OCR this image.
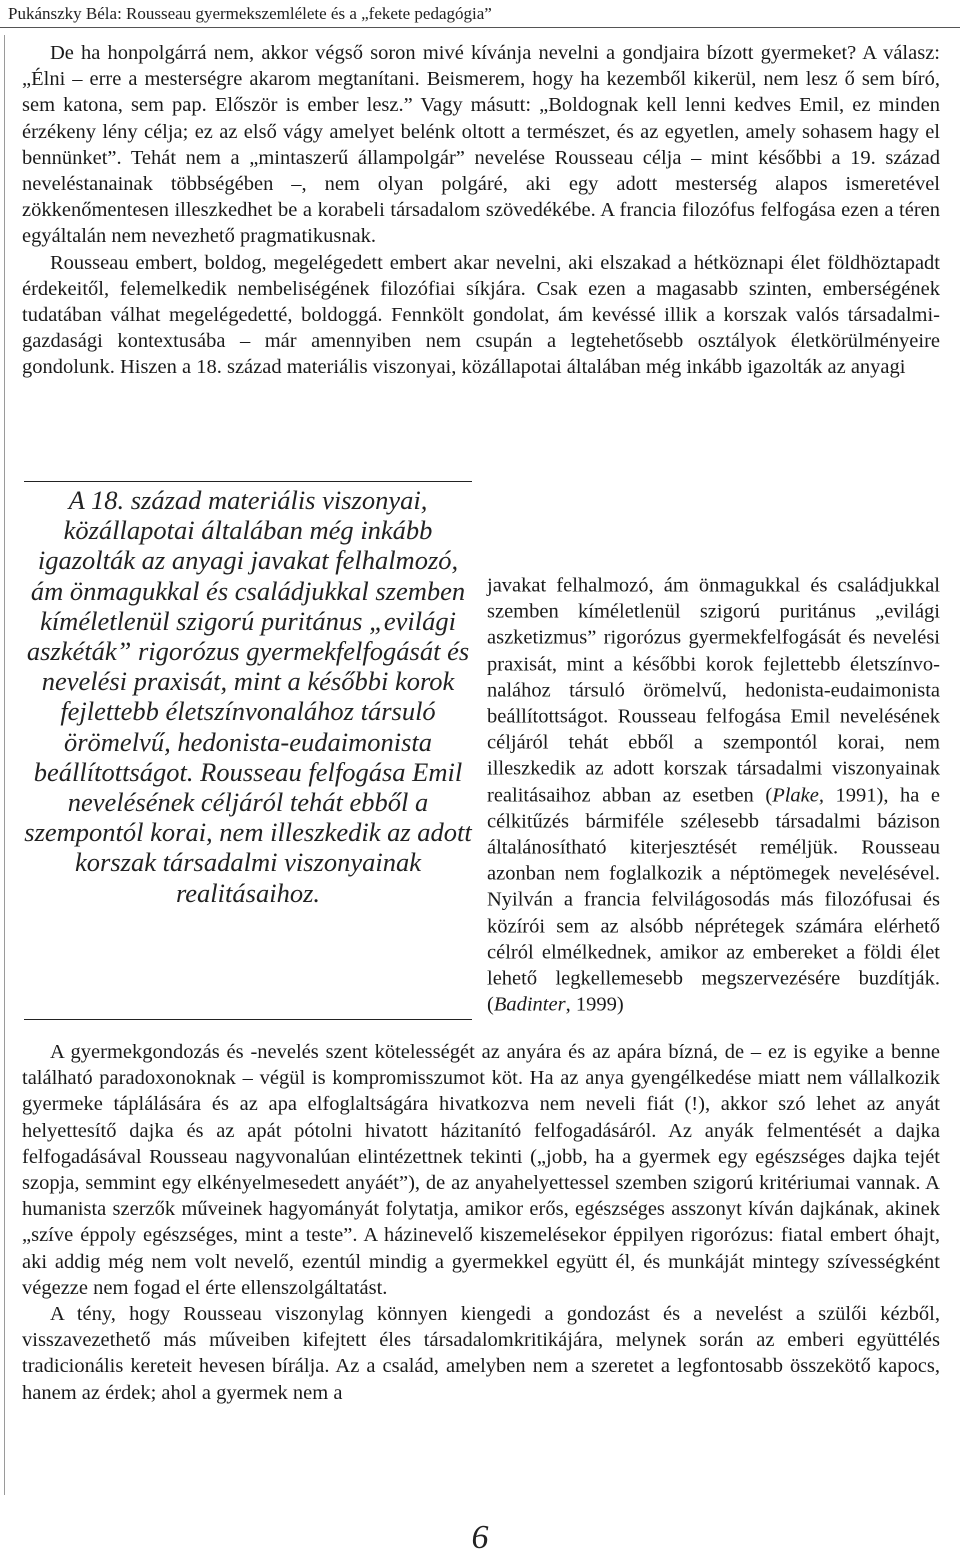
Pukánszky Béla: Rousseau gyermekszemlélete és a „fekete pedagógia”

De ha honpolgárrá nem, akkor végső soron mivé kívánja nevelni a gondjaira bízott gyermeket? A válasz: „Élni – erre a mesterségre akarom megtanítani. Beismerem, hogy ha kezemből kikerül, nem lesz ő sem bíró, sem katona, sem pap. Először is ember lesz.” Vagy másutt: „Boldognak kell lenni kedves Emil, ez minden érzékeny lény célja; ez az első vágy amelyet belénk oltott a természet, és az egyetlen, amely sohasem hagy el bennünket”. Tehát nem a „mintaszerű állampolgár” nevelése Rousseau célja – mint későbbi a 19. század neveléstanainak többségében –, nem olyan polgáré, aki egy adott mesterség alapos ismeretével zökkenőmentesen illeszkedhet be a korabeli társadalom szövedékébe. A francia filozófus felfogása ezen a téren egyáltalán nem nevezhető pragmatikusnak.

Rousseau embert, boldog, megelégedett embert akar nevelni, aki elszakad a hétköznapi élet földhöztapadt érdekeitől, felemelkedik nembeliségének filozófiai síkjára. Csak ezen a magasabb szinten, emberségének tudatában válhat megelégedetté, boldoggá. Fennkölt gondolat, ám kevéssé illik a korszak valós társadalmi-gazdasági kontextusába – már amennyiben nem csupán a legtehetősebb osztályok életkörülményeire gondolunk. Hiszen a 18. század materiális viszonyai, közállapotai általában még inkább igazolták az anyagi

A 18. század materiális viszonyai, közállapotai általában még inkább igazolták az anyagi javakat felhalmozó, ám önmagukkal és családjukkal szemben kíméletlenül szigorú puritánus „evilági aszkéták” rigorózus gyermekfelfogását és nevelési praxisát, mint a későbbi korok fejlettebb életszínvonalához társuló örömelvű, hedonista-eudaimonista beállítottságot. Rousseau felfogása Emil nevelésének céljáról tehát ebből a szempontól korai, nem illeszkedik az adott korszak társadalmi viszonyainak realitásaihoz.

javakat felhalmozó, ám önmagukkal és családjukkal szemben kíméletlenül szigorú puritánus „evilági aszketizmus” rigorózus gyermekfelfogását és nevelési praxisát, mint a későbbi korok fejlettebb életszínvonalához társuló örömelvű, hedonista-eudaimonista beállítottságot. Rousseau felfogása Emil nevelésének céljáról tehát ebből a szempontól korai, nem illeszkedik az adott korszak társadalmi viszonyainak realitásaihoz abban az esetben (Plake, 1991), ha e célkitűzés bármiféle szélesebb társadalmi bázison általánosítható kiterjesztését reméljük. Rousseau azonban nem foglalkozik a néptömegek nevelésével. Nyilván a francia felvilágosodás más filozófusai és közírói sem az alsóbb néprétegek számára elérhető célról elmélkednek, amikor az embereket a földi élet lehető legkellemesebb megszervezésére buzdítják. (Badinter, 1999)

A gyermekgondozás és -nevelés szent kötelességét az anyára és az apára bízná, de – ez is egyike a benne található paradoxonoknak – végül is kompromisszumot köt. Ha az anya gyengélkedése miatt nem vállalkozik gyermeke táplálására és az apa elfoglaltságára hivatkozva nem neveli fiát (!), akkor szó lehet az anyát helyettesítő dajka és az apát pótolni hivatott házitanító felfogadásáról. Az anyák felmentését a dajka felfogadásával Rousseau nagyvonalúan elintézettnek tekinti („jobb, ha a gyermek egy egészséges dajka tejét szopja, semmint egy elkényelmesedett anyáét”), de az anyahelyettessel szemben szigorú kritériumai vannak. A humanista szerzők műveinek hagyományát folytatja, amikor erős, egészséges asszonyt kíván dajkának, akinek „szíve éppoly egészséges, mint a teste”. A házinevelő kiszemelésekor éppilyen rigorózus: fiatal embert óhajt, aki addig még nem volt nevelő, ezentúl mindig a gyermekkel együtt él, és munkáját mintegy szívességként végezze nem fogad el érte ellenszolgáltatást.

A tény, hogy Rousseau viszonylag könnyen kiengedi a gondozást és a nevelést a szülői kézből, visszavezethető más műveiben kifejtett éles társadalomkritikájára, melynek során az emberi együttélés tradicionális kereteit hevesen bírálja. Az a család, amelyben nem a szeretet a legfontosabb összekötő kapocs, hanem az érdek; ahol a gyermek nem a

6
